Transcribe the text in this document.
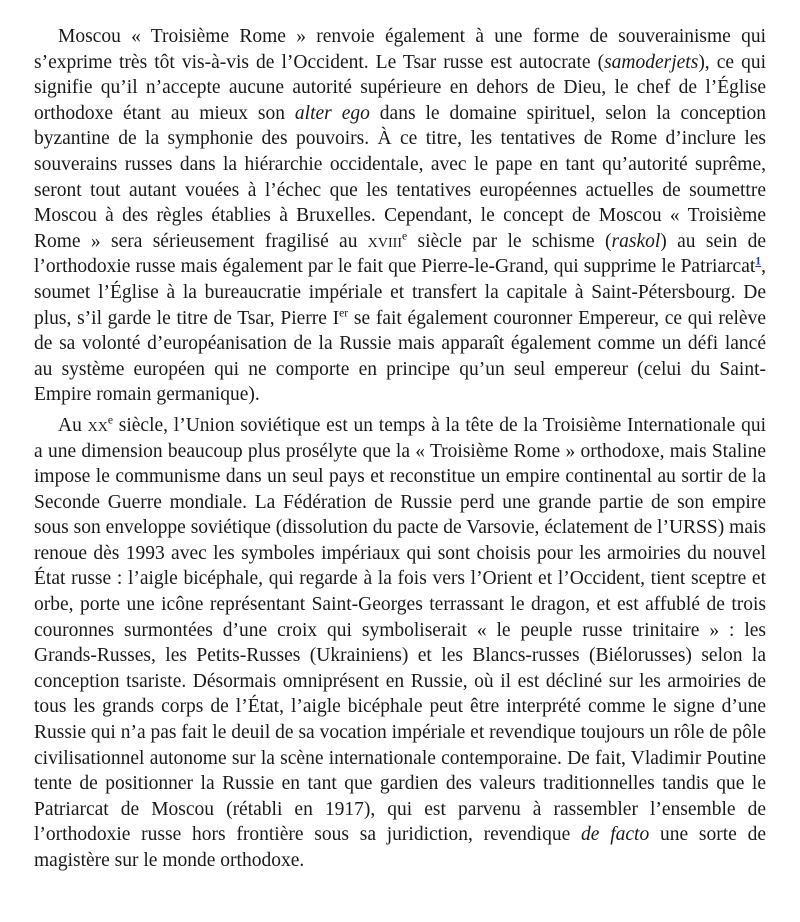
Moscou « Troisième Rome » renvoie également à une forme de souverainisme qui s’exprime très tôt vis-à-vis de l’Occident. Le Tsar russe est autocrate (samoderjets), ce qui signifie qu’il n’accepte aucune autorité supérieure en dehors de Dieu, le chef de l’Église orthodoxe étant au mieux son alter ego dans le domaine spirituel, selon la conception byzantine de la symphonie des pouvoirs. À ce titre, les tentatives de Rome d’inclure les souverains russes dans la hiérarchie occidentale, avec le pape en tant qu’autorité suprême, seront tout autant vouées à l’échec que les tentatives européennes actuelles de soumettre Moscou à des règles établies à Bruxelles. Cependant, le concept de Moscou « Troisième Rome » sera sérieusement fragilisé au xviii$^e$ siècle par le schisme (raskol) au sein de l’orthodoxie russe mais également par le fait que Pierre-le-Grand, qui supprime le Patriarcat$^1$, soumet l’Église à la bureaucratie impériale et transfert la capitale à Saint-Pétersbourg. De plus, s’il garde le titre de Tsar, Pierre Ier se fait également couronner Empereur, ce qui relève de sa volonté d’européanisation de la Russie mais apparaît également comme un défi lancé au système européen qui ne comporte en principe qu’un seul empereur (celui du Saint-Empire romain germanique).

Au $xx^e$ siècle, l’Union soviétique est un temps à la tête de la Troisième Internationale qui a une dimension beaucoup plus prosélyte que la « Troisième Rome » orthodoxe, mais Staline impose le communisme dans un seul pays et reconstitue un empire continental au sortir de la Seconde Guerre mondiale. La Fédération de Russie perd une grande partie de son empire sous son enveloppe soviétique (dissolution du pacte de Varsovie, éclatement de l’URSS) mais renoue dès 1993 avec les symboles impériaux qui sont choisis pour les armoiries du nouvel État russe : l’aigle bicéphale, qui regarde à la fois vers l’Orient et l’Occident, tient sceptre et orbe, porte une icône représentant Saint-Georges terrassant le dragon, et est affublé de trois couronnes surmontées d’une croix qui symboliserait « le peuple russe trinitaire » : les Grands-Russes, les Petits-Russes (Ukrainiens) et les Blancs-russes (Biélorusses) selon la conception tsariste. Désormais omniprésent en Russie, où il est décliné sur les armoiries de tous les grands corps de l’État, l’aigle bicéphale peut être interprété comme le signe d’une Russie qui n’a pas fait le deuil de sa vocation impériale et revendique toujours un rôle de pôle civilisationnel autonome sur la scène internationale contemporaine. De fait, Vladimir Poutine tente de positionner la Russie en tant que gardien des valeurs traditionnelles tandis que le Patriarcat de Moscou (rétabli en 1917), qui est parvenu à rassembler l’ensemble de l’orthodoxie russe hors frontière sous sa juridiction, revendique de facto une sorte de magistère sur le monde orthodoxe.
